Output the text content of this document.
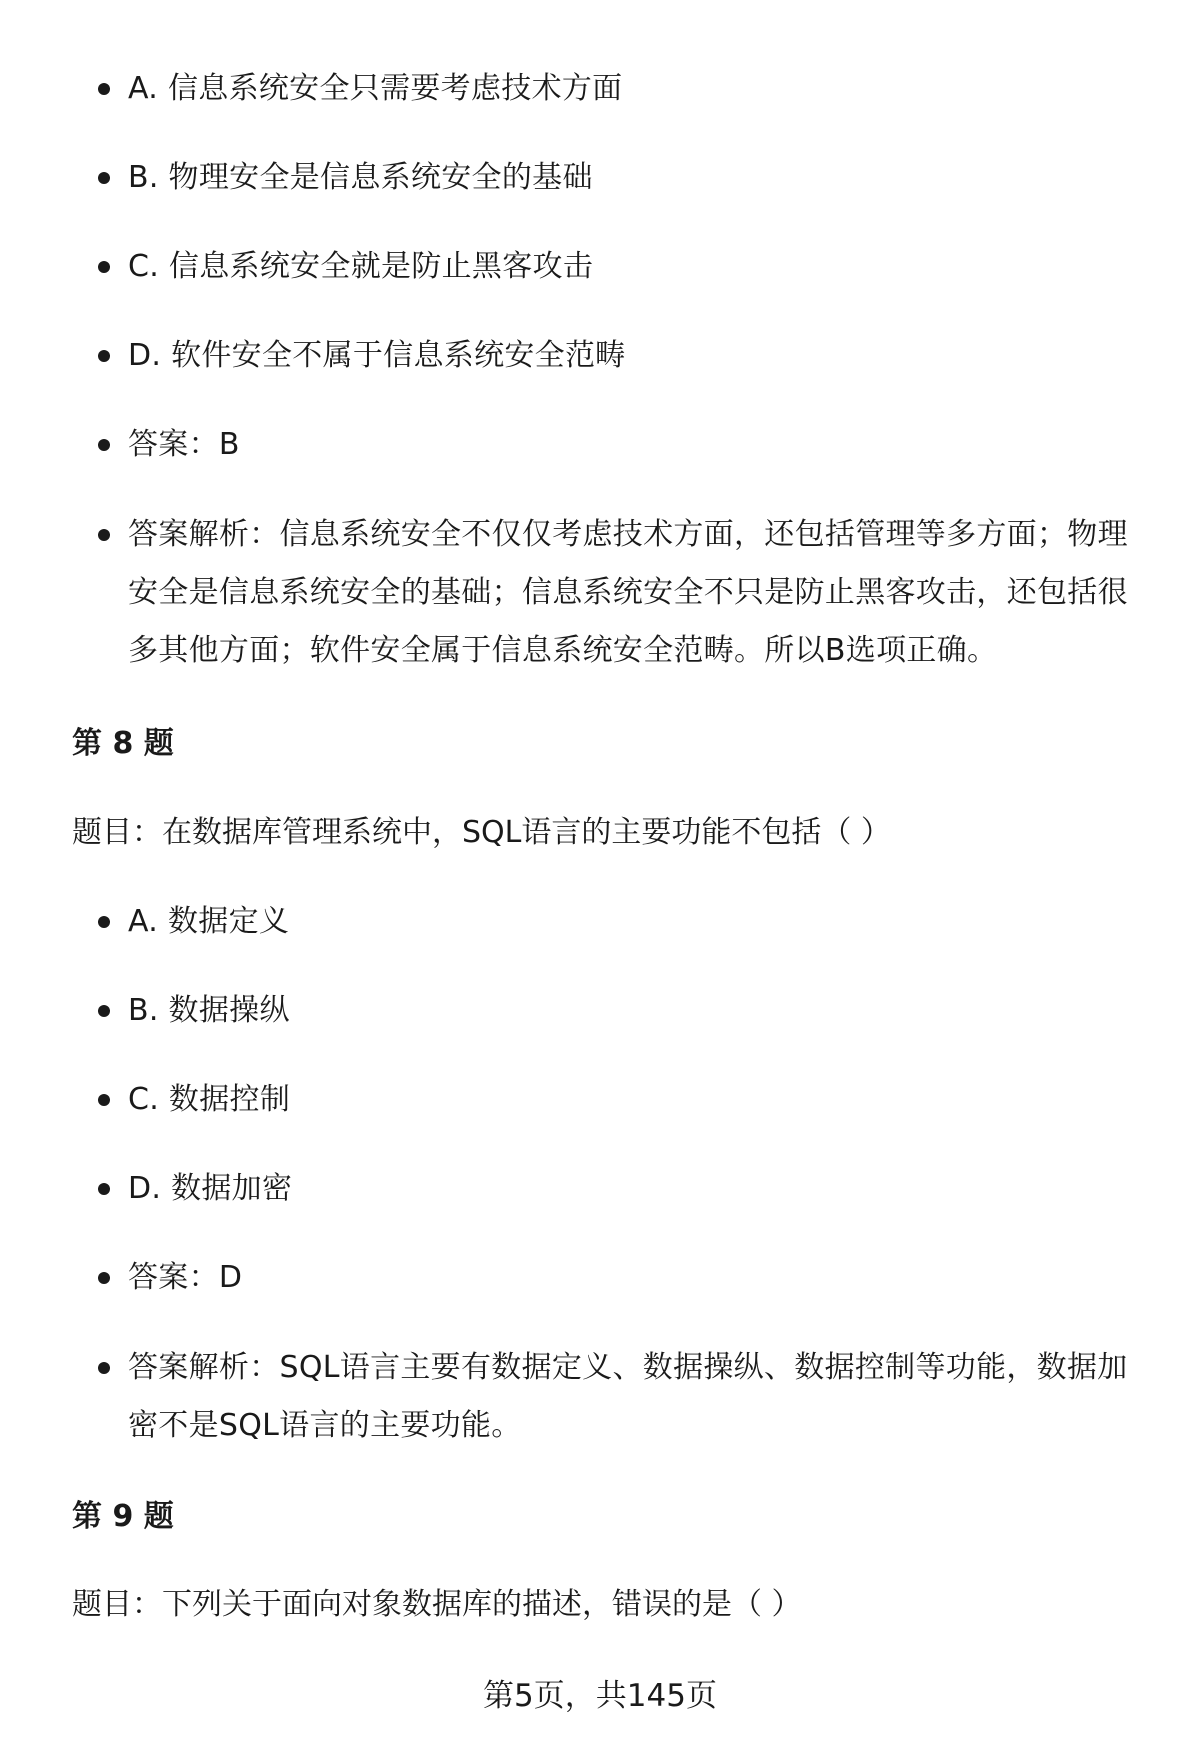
A. 信息系统安全只需要考虑技术方面
B. 物理安全是信息系统安全的基础
C. 信息系统安全就是防止黑客攻击
D. 软件安全不属于信息系统安全范畴
答案：B
答案解析：信息系统安全不仅仅考虑技术方面，还包括管理等多方面；物理安全是信息系统安全的基础；信息系统安全不只是防止黑客攻击，还包括很多其他方面；软件安全属于信息系统安全范畴。所以B选项正确。
第 8 题
题目：在数据库管理系统中，SQL语言的主要功能不包括（ ）
A. 数据定义
B. 数据操纵
C. 数据控制
D. 数据加密
答案：D
答案解析：SQL语言主要有数据定义、数据操纵、数据控制等功能，数据加密不是SQL语言的主要功能。
第 9 题
题目：下列关于面向对象数据库的描述，错误的是（ ）
第5页，共145页
